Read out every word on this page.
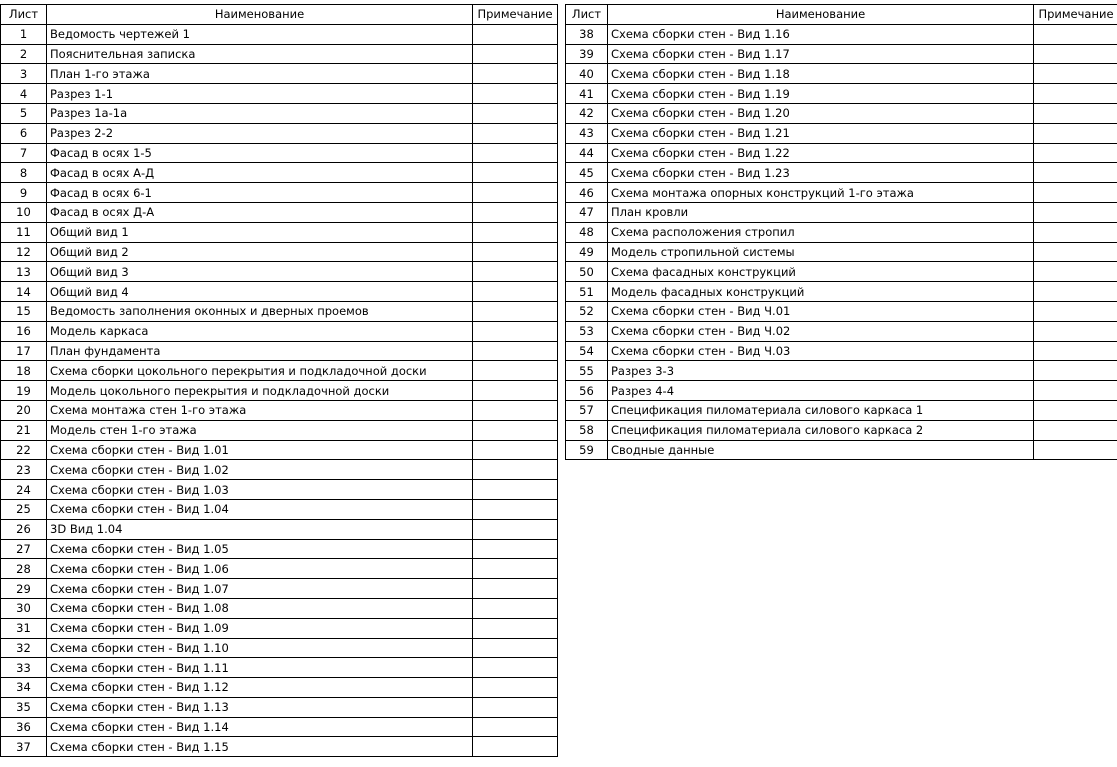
Лист	Наименование	Примечание
1	Ведомость чертежей 1	
2	Пояснительная записка	
3	План 1-го этажа	
4	Разрез 1-1	
5	Разрез 1а-1а	
6	Разрез 2-2	
7	Фасад в осях 1-5	
8	Фасад в осях А-Д	
9	Фасад в осях 6-1	
10	Фасад в осях Д-А	
11	Общий вид 1	
12	Общий вид 2	
13	Общий вид 3	
14	Общий вид 4	
15	Ведомость заполнения оконных и дверных проемов	
16	Модель каркаса	
17	План фундамента	
18	Схема сборки цокольного перекрытия и подкладочной доски	
19	Модель цокольного перекрытия и подкладочной доски	
20	Схема монтажа стен 1-го этажа	
21	Модель стен 1-го этажа	
22	Схема сборки стен - Вид 1.01	
23	Схема сборки стен - Вид 1.02	
24	Схема сборки стен - Вид 1.03	
25	Схема сборки стен - Вид 1.04	
26	3D Вид 1.04	
27	Схема сборки стен - Вид 1.05	
28	Схема сборки стен - Вид 1.06	
29	Схема сборки стен - Вид 1.07	
30	Схема сборки стен - Вид 1.08	
31	Схема сборки стен - Вид 1.09	
32	Схема сборки стен - Вид 1.10	
33	Схема сборки стен - Вид 1.11	
34	Схема сборки стен - Вид 1.12	
35	Схема сборки стен - Вид 1.13	
36	Схема сборки стен - Вид 1.14	
37	Схема сборки стен - Вид 1.15	
Лист	Наименование	Примечание
38	Схема сборки стен - Вид 1.16	
39	Схема сборки стен - Вид 1.17	
40	Схема сборки стен - Вид 1.18	
41	Схема сборки стен - Вид 1.19	
42	Схема сборки стен - Вид 1.20	
43	Схема сборки стен - Вид 1.21	
44	Схема сборки стен - Вид 1.22	
45	Схема сборки стен - Вид 1.23	
46	Схема монтажа опорных конструкций 1-го этажа	
47	План кровли	
48	Схема расположения стропил	
49	Модель стропильной системы	
50	Схема фасадных конструкций	
51	Модель фасадных конструкций	
52	Схема сборки стен - Вид Ч.01	
53	Схема сборки стен - Вид Ч.02	
54	Схема сборки стен - Вид Ч.03	
55	Разрез 3-3	
56	Разрез 4-4	
57	Спецификация пиломатериала силового каркаса 1	
58	Спецификация пиломатериала силового каркаса 2	
59	Сводные данные	
